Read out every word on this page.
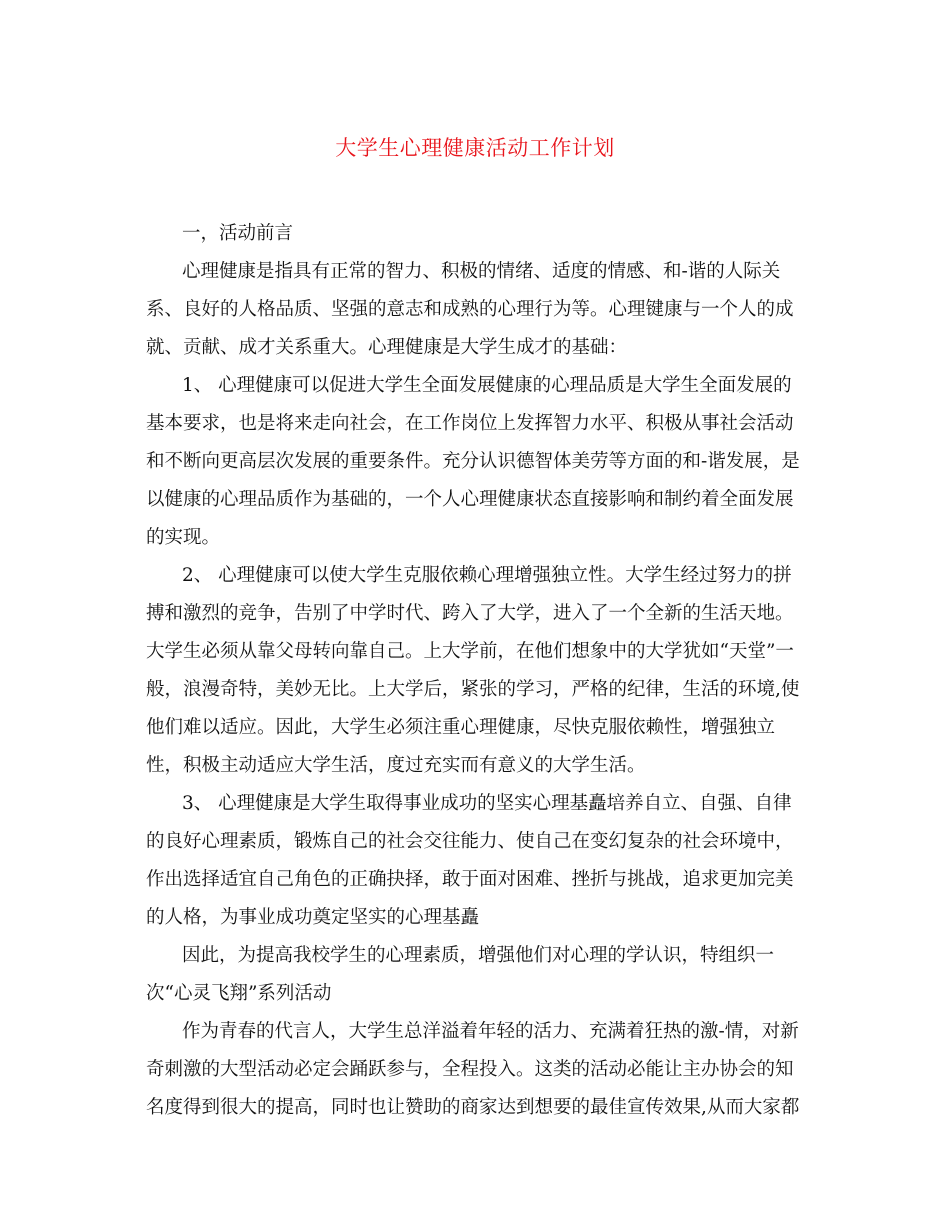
大学生心理健康活动工作计划
一，活动前言
心理健康是指具有正常的智力、积极的情绪、适度的情感、和-谐的人际关
系、良好的人格品质、坚强的意志和成熟的心理行为等。心理键康与一个人的成
就、贡献、成才关系重大。心理健康是大学生成才的基础：
1、 心理健康可以促进大学生全面发展健康的心理品质是大学生全面发展的
基本要求，也是将来走向社会，在工作岗位上发挥智力水平、积极从事社会活动
和不断向更高层次发展的重要条件。充分认识德智体美劳等方面的和-谐发展，是
以健康的心理品质作为基础的，一个人心理健康状态直接影响和制约着全面发展
的实现。
2、 心理健康可以使大学生克服依赖心理增强独立性。大学生经过努力的拼
搏和激烈的竞争，告别了中学时代、跨入了大学，进入了一个全新的生活天地。
大学生必须从靠父母转向靠自己。上大学前，在他们想象中的大学犹如“天堂”一
般，浪漫奇特，美妙无比。上大学后，紧张的学习，严格的纪律，生活的环境,使
他们难以适应。因此，大学生必须注重心理健康，尽快克服依赖性，增强独立
性，积极主动适应大学生活，度过充实而有意义的大学生活。
3、 心理健康是大学生取得事业成功的坚实心理基矗培养自立、自强、自律
的良好心理素质，锻炼自己的社会交往能力、使自己在变幻复杂的社会环境中，
作出选择适宜自己角色的正确抉择，敢于面对困难、挫折与挑战，追求更加完美
的人格，为事业成功奠定坚实的心理基矗
因此，为提高我校学生的心理素质，增强他们对心理的学认识，特组织一
次“心灵飞翔”系列活动
作为青春的代言人，大学生总洋溢着年轻的活力、充满着狂热的激-情，对新
奇刺激的大型活动必定会踊跃参与，全程投入。这类的活动必能让主办协会的知
名度得到很大的提高，同时也让赞助的商家达到想要的最佳宣传效果,从而大家都
